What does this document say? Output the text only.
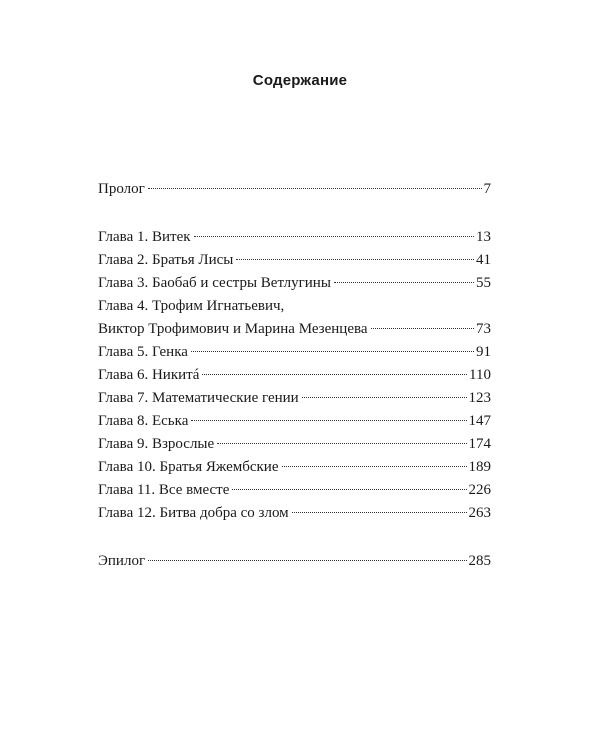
Содержание
Пролог	7
Глава 1. Витек	13
Глава 2. Братья Лисы	41
Глава 3. Баобаб и сестры Ветлугины	55
Глава 4. Трофим Игнатьевич,
Виктор Трофимович и Марина Мезенцева	73
Глава 5. Генка	91
Глава 6. Никитá	110
Глава 7. Математические гении	123
Глава 8. Еська	147
Глава 9. Взрослые	174
Глава 10. Братья Яжембские	189
Глава 11. Все вместе	226
Глава 12. Битва добра со злом	263
Эпилог	285
